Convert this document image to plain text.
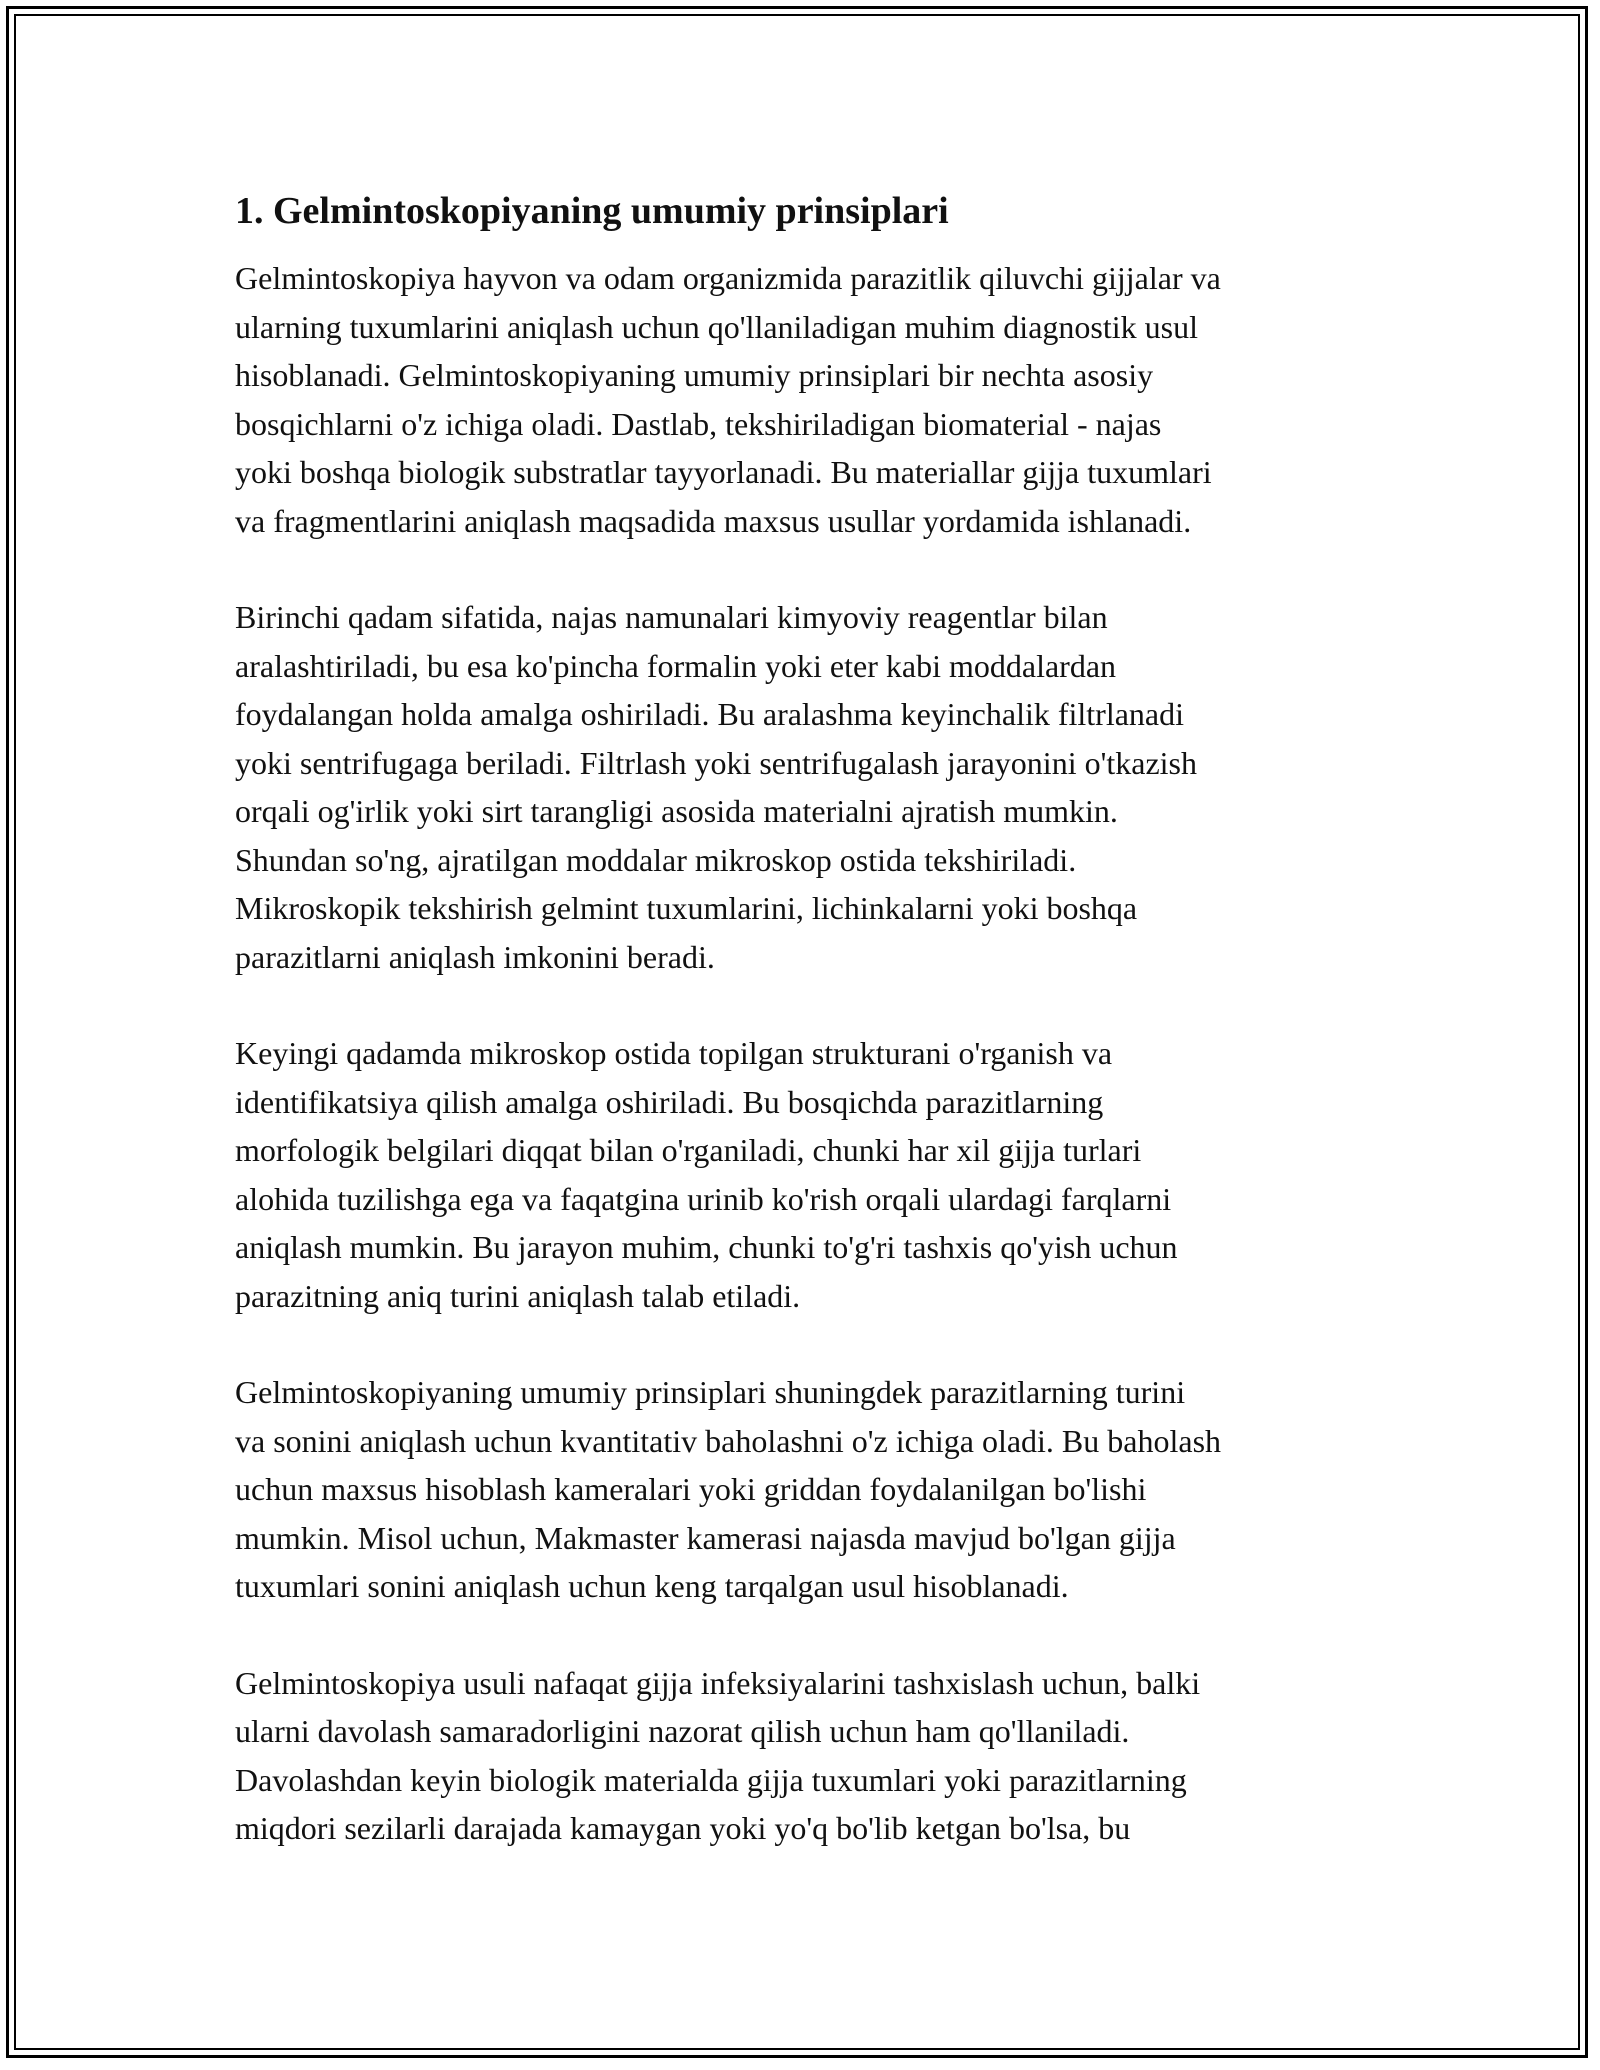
1. Gelmintoskopiyaning umumiy prinsiplari

Gelmintoskopiya hayvon va odam organizmida parazitlik qiluvchi gijjalar va
ularning tuxumlarini aniqlash uchun qo'llaniladigan muhim diagnostik usul
hisoblanadi. Gelmintoskopiyaning umumiy prinsiplari bir nechta asosiy
bosqichlarni o'z ichiga oladi. Dastlab, tekshiriladigan biomaterial - najas
yoki boshqa biologik substratlar tayyorlanadi. Bu materiallar gijja tuxumlari
va fragmentlarini aniqlash maqsadida maxsus usullar yordamida ishlanadi.

Birinchi qadam sifatida, najas namunalari kimyoviy reagentlar bilan
aralashtiriladi, bu esa ko'pincha formalin yoki eter kabi moddalardan
foydalangan holda amalga oshiriladi. Bu aralashma keyinchalik filtrlanadi
yoki sentrifugaga beriladi. Filtrlash yoki sentrifugalash jarayonini o'tkazish
orqali og'irlik yoki sirt tarangligi asosida materialni ajratish mumkin.
Shundan so'ng, ajratilgan moddalar mikroskop ostida tekshiriladi.
Mikroskopik tekshirish gelmint tuxumlarini, lichinkalarni yoki boshqa
parazitlarni aniqlash imkonini beradi.

Keyingi qadamda mikroskop ostida topilgan strukturani o'rganish va
identifikatsiya qilish amalga oshiriladi. Bu bosqichda parazitlarning
morfologik belgilari diqqat bilan o'rganiladi, chunki har xil gijja turlari
alohida tuzilishga ega va faqatgina urinib ko'rish orqali ulardagi farqlarni
aniqlash mumkin. Bu jarayon muhim, chunki to'g'ri tashxis qo'yish uchun
parazitning aniq turini aniqlash talab etiladi.

Gelmintoskopiyaning umumiy prinsiplari shuningdek parazitlarning turini
va sonini aniqlash uchun kvantitativ baholashni o'z ichiga oladi. Bu baholash
uchun maxsus hisoblash kameralari yoki griddan foydalanilgan bo'lishi
mumkin. Misol uchun, Makmaster kamerasi najasda mavjud bo'lgan gijja
tuxumlari sonini aniqlash uchun keng tarqalgan usul hisoblanadi.

Gelmintoskopiya usuli nafaqat gijja infeksiyalarini tashxislash uchun, balki
ularni davolash samaradorligini nazorat qilish uchun ham qo'llaniladi.
Davolashdan keyin biologik materialda gijja tuxumlari yoki parazitlarning
miqdori sezilarli darajada kamaygan yoki yo'q bo'lib ketgan bo'lsa, bu
